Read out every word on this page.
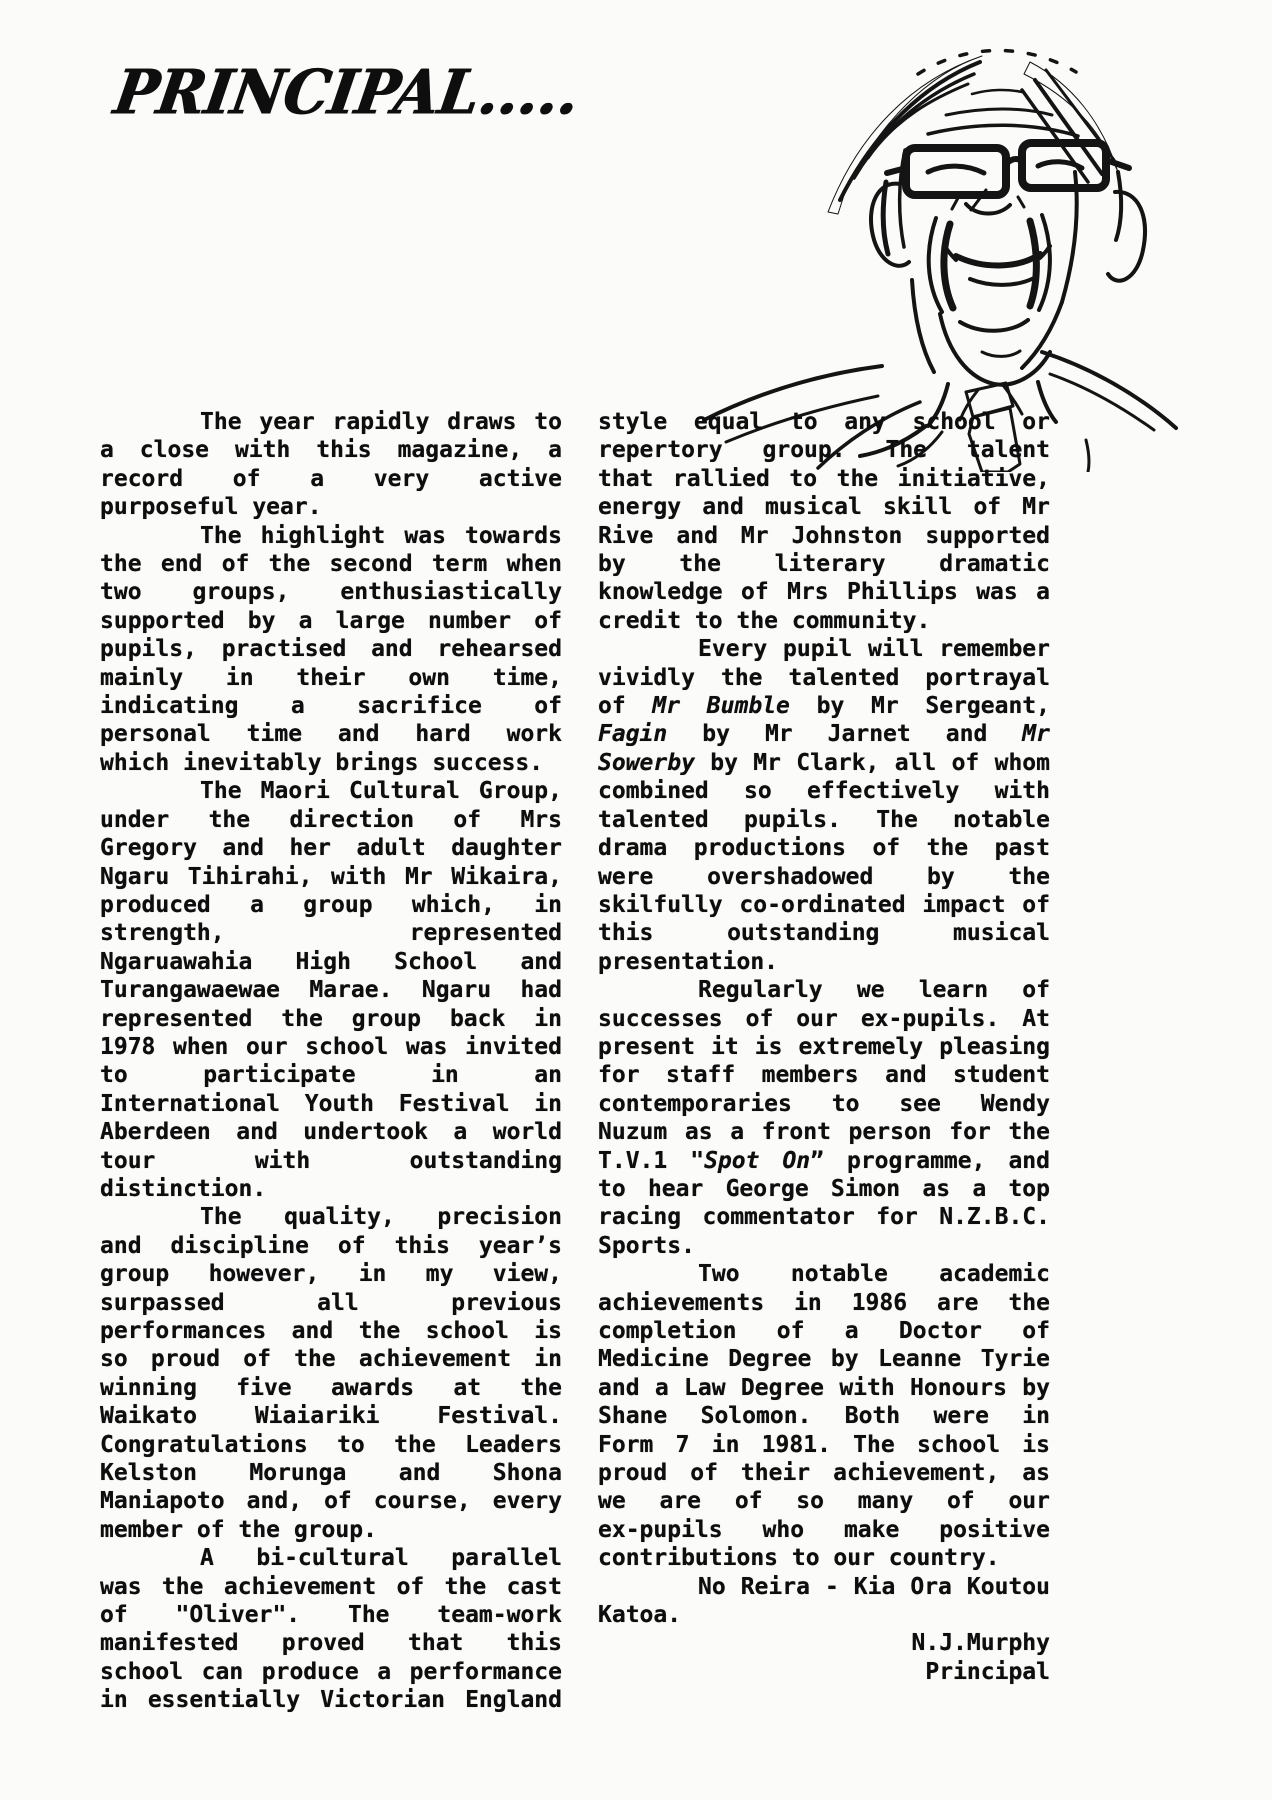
PRINCIPAL.....
The year rapidly draws to
a close with this magazine, a
record of a very active
purposeful year.
The highlight was towards
the end of the second term when
two groups, enthusiastically
supported by a large number of
pupils, practised and rehearsed
mainly in their own time,
indicating a sacrifice of
personal time and hard work
which inevitably brings success.
The Maori Cultural Group,
under the direction of Mrs
Gregory and her adult daughter
Ngaru Tihirahi, with Mr Wikaira,
produced a group which, in
strength, represented
Ngaruawahia High School and
Turangawaewae Marae. Ngaru had
represented the group back in
1978 when our school was invited
to participate in an
International Youth Festival in
Aberdeen and undertook a world
tour with outstanding
distinction.
The quality, precision
and discipline of this year’s
group however, in my view,
surpassed all previous
performances and the school is
so proud of the achievement in
winning five awards at the
Waikato Wiaiariki Festival.
Congratulations to the Leaders
Kelston Morunga and Shona
Maniapoto and, of course, every
member of the group.
A bi-cultural parallel
was the achievement of the cast
of "Oliver". The team-work
manifested proved that this
school can produce a performance
in essentially Victorian England
style equal to any school or
repertory group. The talent
that rallied to the initiative,
energy and musical skill of Mr
Rive and Mr Johnston supported
by the literary dramatic
knowledge of Mrs Phillips was a
credit to the community.
Every pupil will remember
vividly the talented portrayal
of Mr Bumble by Mr Sergeant,
Fagin by Mr Jarnet and Mr
Sowerby by Mr Clark, all of whom
combined so effectively with
talented pupils. The notable
drama productions of the past
were overshadowed by the
skilfully co-ordinated impact of
this outstanding musical
presentation.
Regularly we learn of
successes of our ex-pupils. At
present it is extremely pleasing
for staff members and student
contemporaries to see Wendy
Nuzum as a front person for the
T.V.1 "Spot On” programme, and
to hear George Simon as a top
racing commentator for N.Z.B.C.
Sports.
Two notable academic
achievements in 1986 are the
completion of a Doctor of
Medicine Degree by Leanne Tyrie
and a Law Degree with Honours by
Shane Solomon. Both were in
Form 7 in 1981. The school is
proud of their achievement, as
we are of so many of our
ex-pupils who make positive
contributions to our country.
No Reira - Kia Ora Koutou
Katoa.
N.J.Murphy
Principal
